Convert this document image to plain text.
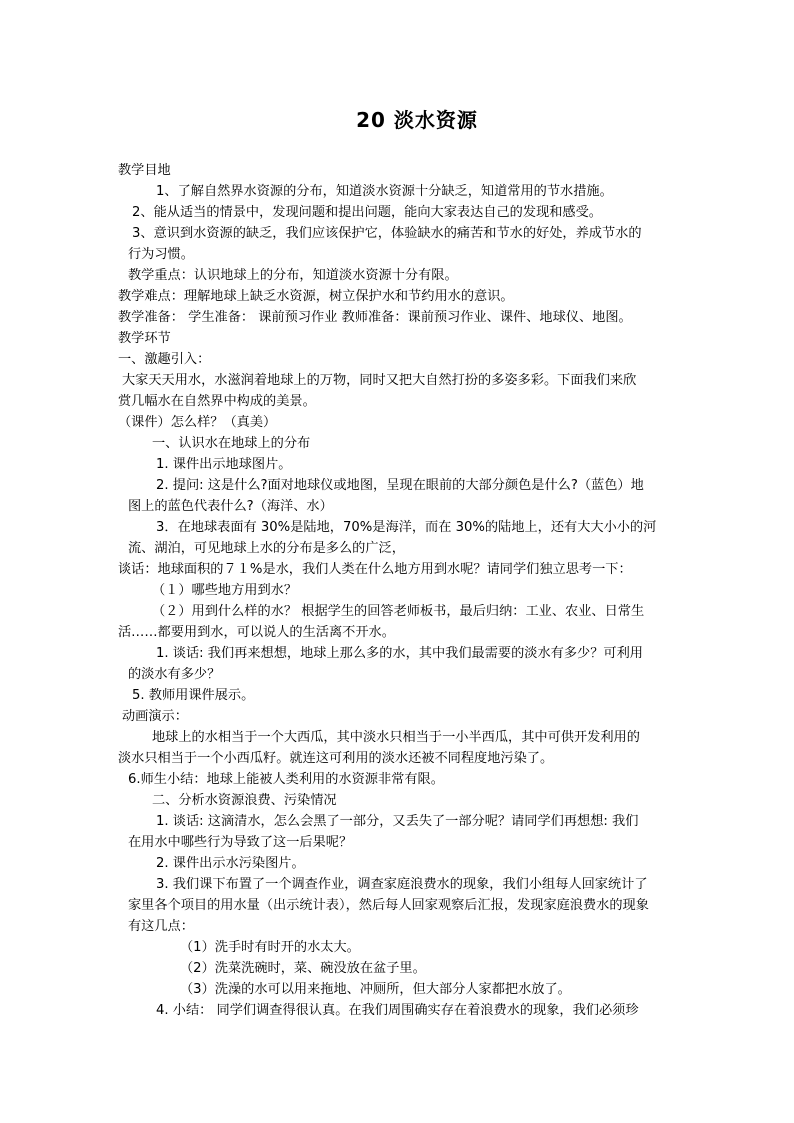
20 淡水资源
教学目地
1、了解自然界水资源的分布，知道淡水资源十分缺乏，知道常用的节水措施。
2、能从适当的情景中，发现问题和提出问题，能向大家表达自己的发现和感受。
3、意识到水资源的缺乏，我们应该保护它，体验缺水的痛苦和节水的好处，养成节水的
行为习惯。
教学重点：认识地球上的分布，知道淡水资源十分有限。
教学难点：理解地球上缺乏水资源，树立保护水和节约用水的意识。
教学准备： 学生准备： 课前预习作业 教师准备：课前预习作业、课件、地球仪、地图。
教学环节
一、激趣引入：
大家天天用水，水滋润着地球上的万物，同时又把大自然打扮的多姿多彩。下面我们来欣
赏几幅水在自然界中构成的美景。
（课件）怎么样？（真美）
一、认识水在地球上的分布
1. 课件出示地球图片。
2. 提问: 这是什么?面对地球仪或地图，呈现在眼前的大部分颜色是什么?（蓝色）地
图上的蓝色代表什么?（海洋、水）
3．在地球表面有 30%是陆地，70%是海洋，而在 30%的陆地上，还有大大小小的河
流、湖泊，可见地球上水的分布是多么的广泛，
谈话：地球面积的７１%是水，我们人类在什么地方用到水呢？请同学们独立思考一下：
（１）哪些地方用到水？
（２）用到什么样的水？ 根据学生的回答老师板书，最后归纳：工业、农业、日常生
活……都要用到水，可以说人的生活离不开水。
1. 谈话: 我们再来想想，地球上那么多的水，其中我们最需要的淡水有多少？可利用
的淡水有多少？
5. 教师用课件展示。
动画演示：
地球上的水相当于一个大西瓜，其中淡水只相当于一小半西瓜，其中可供开发利用的
淡水只相当于一个小西瓜籽。就连这可利用的淡水还被不同程度地污染了。
6.师生小结：地球上能被人类利用的水资源非常有限。
二、分析水资源浪费、污染情况
1. 谈话: 这滴清水，怎么会黑了一部分，又丢失了一部分呢？请同学们再想想: 我们
在用水中哪些行为导致了这一后果呢？
2. 课件出示水污染图片。
3. 我们课下布置了一个调查作业，调查家庭浪费水的现象，我们小组每人回家统计了
家里各个项目的用水量（出示统计表），然后每人回家观察后汇报，发现家庭浪费水的现象
有这几点：
（1）洗手时有时开的水太大。
（2）洗菜洗碗时，菜、碗没放在盆子里。
（3）洗澡的水可以用来拖地、冲厕所，但大部分人家都把水放了。
4. 小结： 同学们调查得很认真。在我们周围确实存在着浪费水的现象，我们必须珍
